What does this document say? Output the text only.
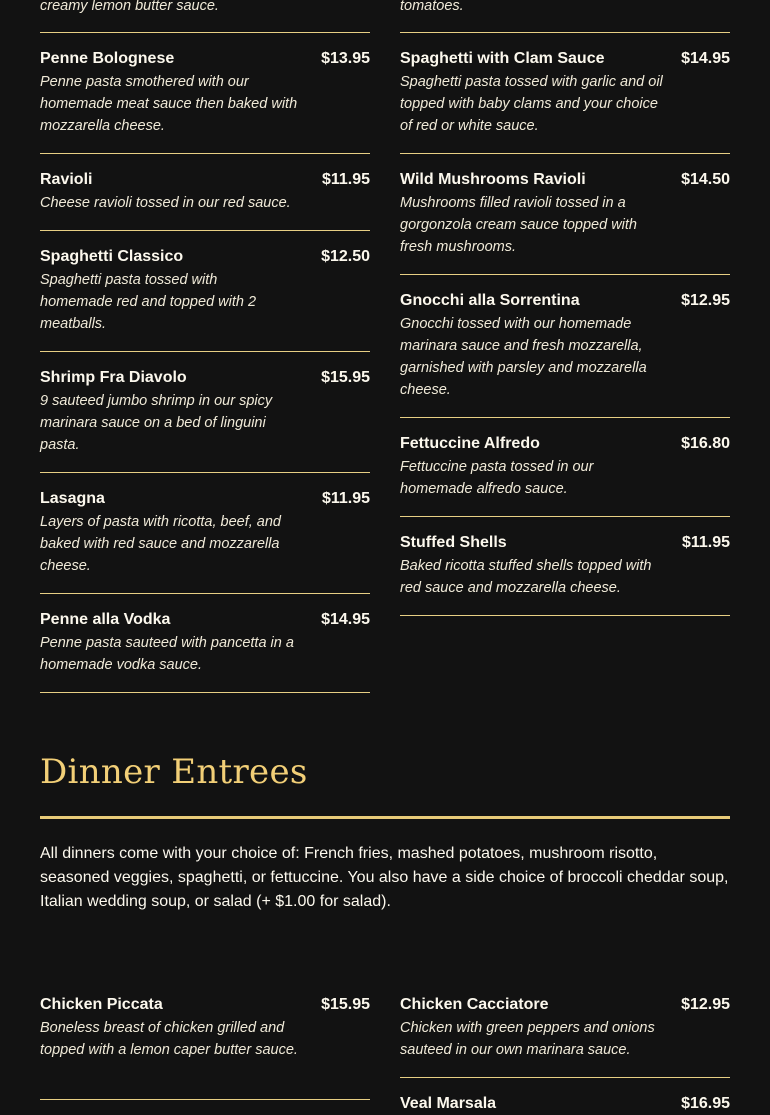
creamy lemon butter sauce.	tomatoes.
Penne Bolognese	$13.95
Penne pasta smothered with our homemade meat sauce then baked with mozzarella cheese.
Ravioli	$11.95
Cheese ravioli tossed in our red sauce.
Spaghetti Classico	$12.50
Spaghetti pasta tossed with homemade red and topped with 2 meatballs.
Shrimp Fra Diavolo	$15.95
9 sauteed jumbo shrimp in our spicy marinara sauce on a bed of linguini pasta.
Lasagna	$11.95
Layers of pasta with ricotta, beef, and baked with red sauce and mozzarella cheese.
Penne alla Vodka	$14.95
Penne pasta sauteed with pancetta in a homemade vodka sauce.
Spaghetti with Clam Sauce	$14.95
Spaghetti pasta tossed with garlic and oil topped with baby clams and your choice of red or white sauce.
Wild Mushrooms Ravioli	$14.50
Mushrooms filled ravioli tossed in a gorgonzola cream sauce topped with fresh mushrooms.
Gnocchi alla Sorrentina	$12.95
Gnocchi tossed with our homemade marinara sauce and fresh mozzarella, garnished with parsley and mozzarella cheese.
Fettuccine Alfredo	$16.80
Fettuccine pasta tossed in our homemade alfredo sauce.
Stuffed Shells	$11.95
Baked ricotta stuffed shells topped with red sauce and mozzarella cheese.
Dinner Entrees
All dinners come with your choice of: French fries, mashed potatoes, mushroom risotto, seasoned veggies, spaghetti, or fettuccine. You also have a side choice of broccoli cheddar soup, Italian wedding soup, or salad (+ $1.00 for salad).
Chicken Piccata	$15.95
Boneless breast of chicken grilled and topped with a lemon caper butter sauce.
Chicken Cacciatore	$12.95
Chicken with green peppers and onions sauteed in our own marinara sauce.
Veal Marsala	$16.95
